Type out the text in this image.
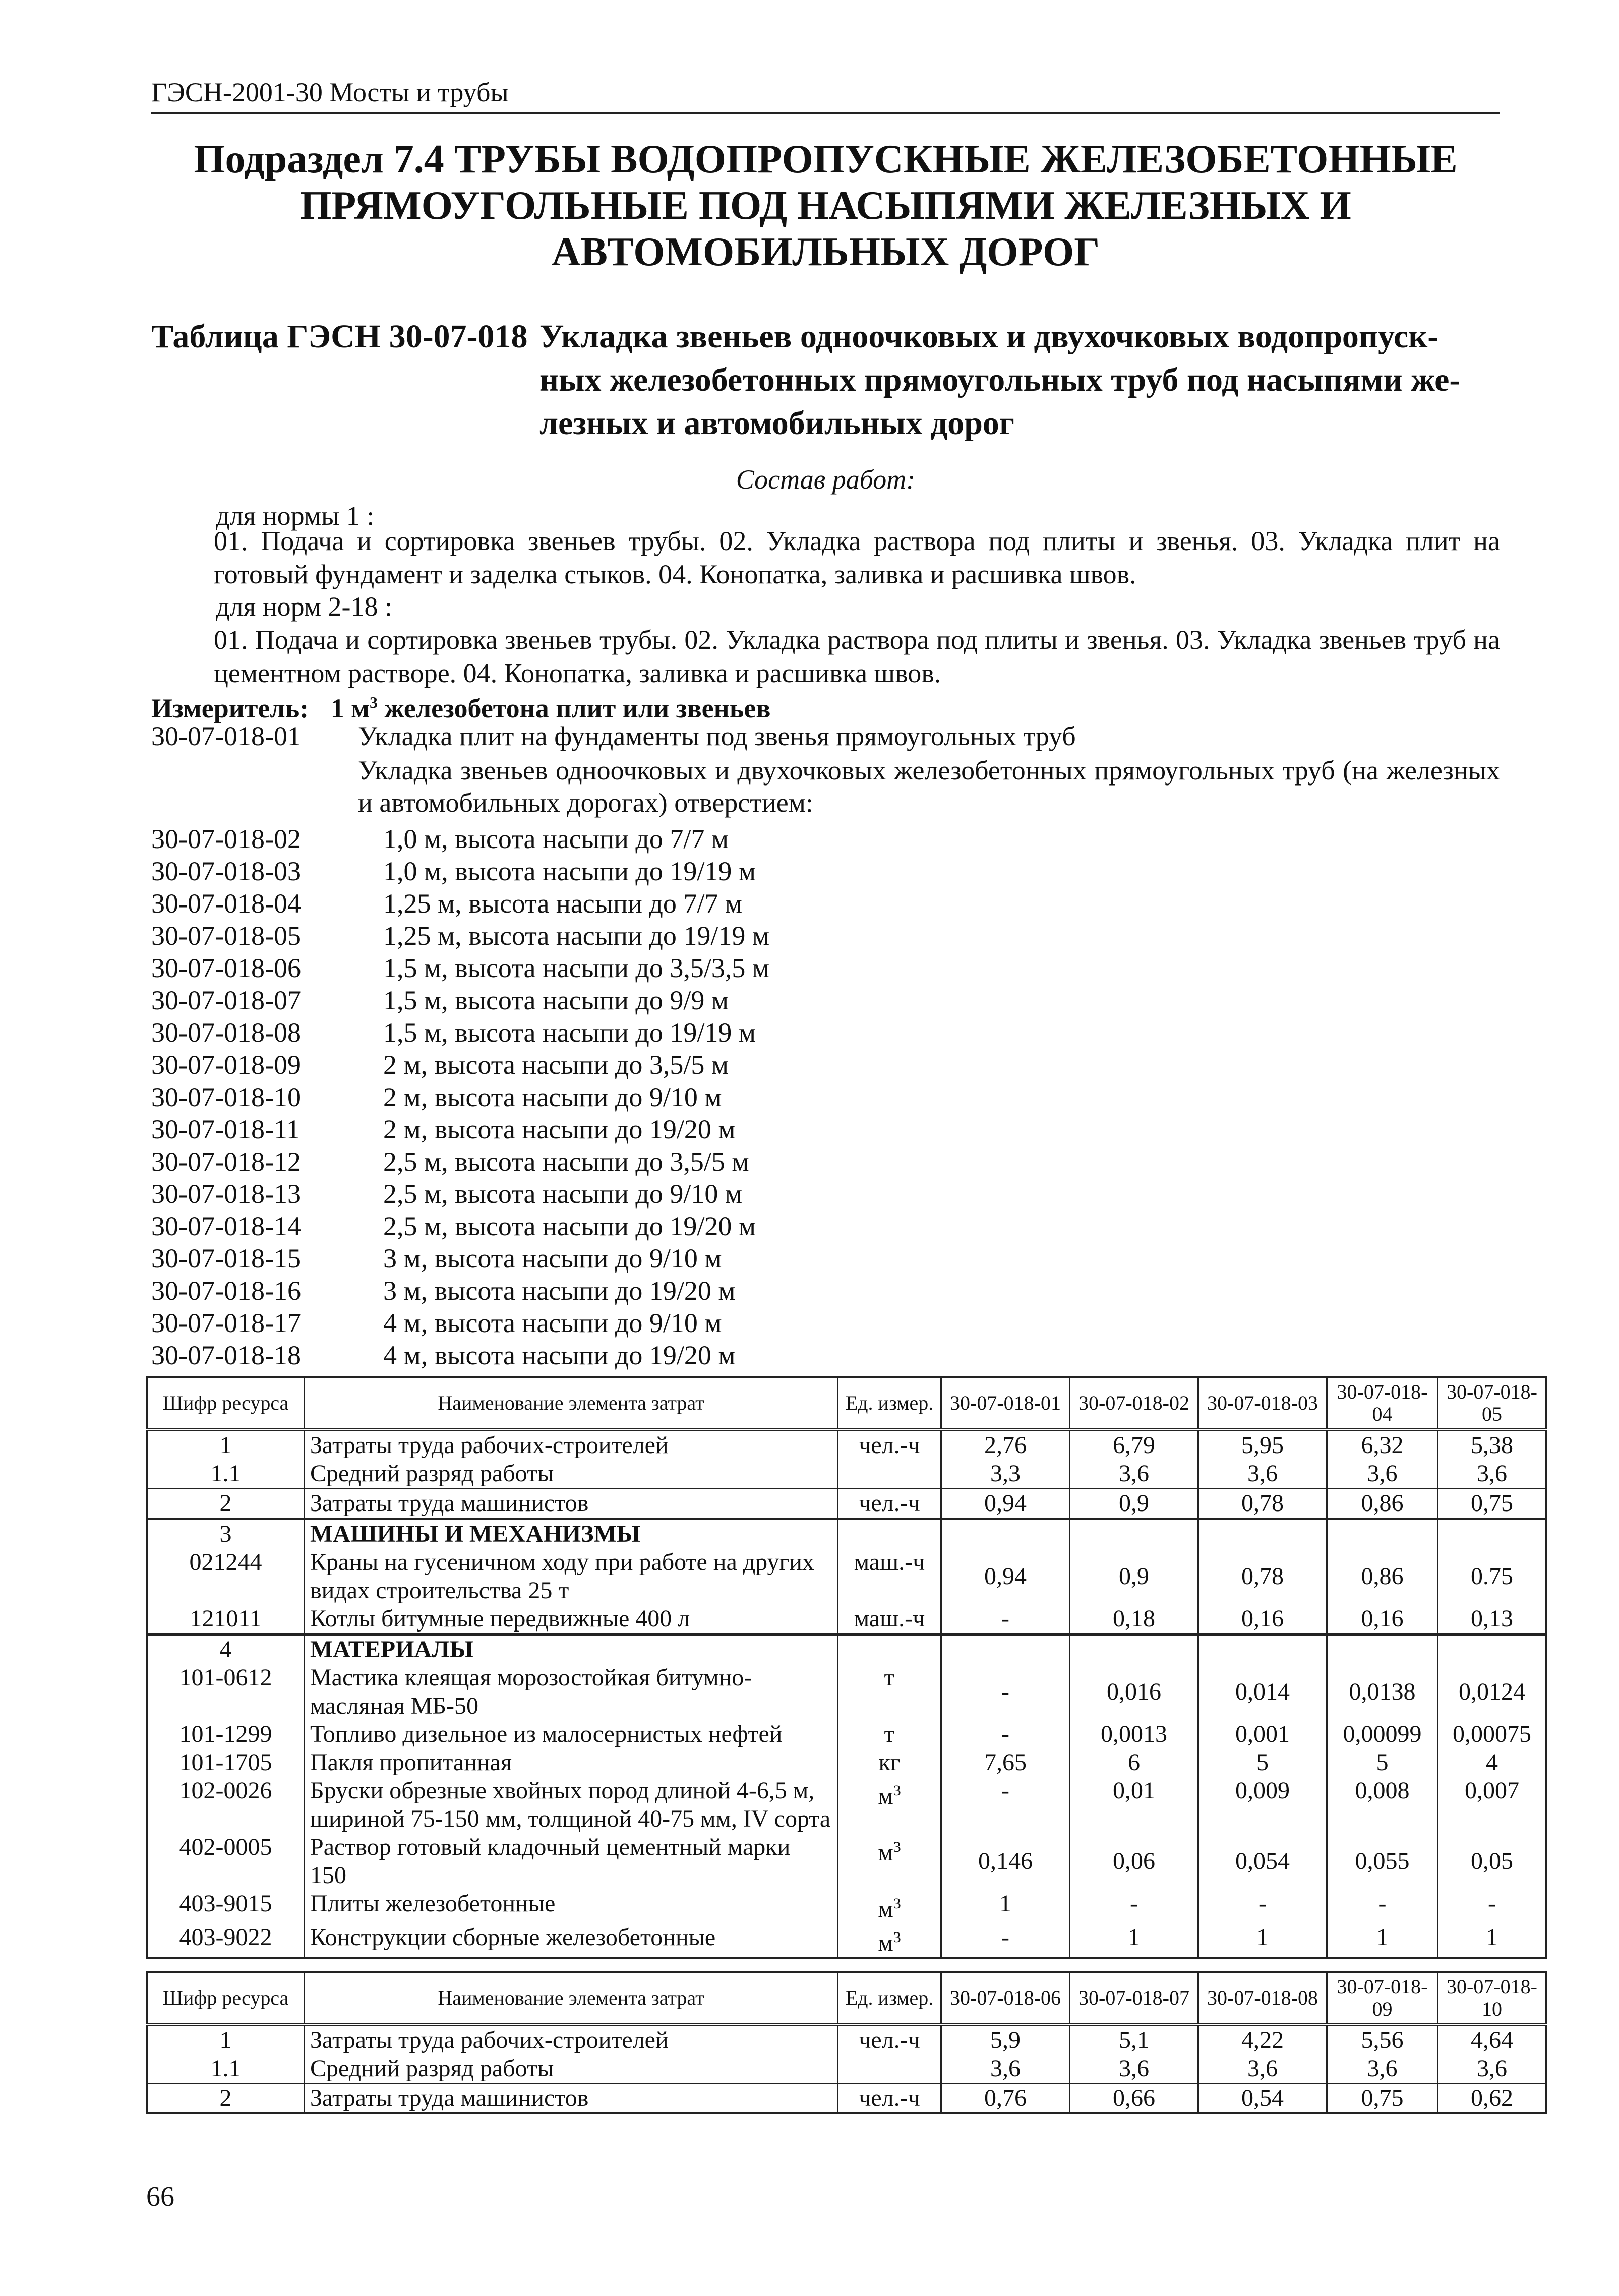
ГЭСН-2001-30 Мосты и трубы
Подраздел 7.4 ТРУБЫ ВОДОПРОПУСКНЫЕ ЖЕЛЕЗОБЕТОННЫЕ
ПРЯМОУГОЛЬНЫЕ ПОД НАСЫПЯМИ ЖЕЛЕЗНЫХ И
АВТОМОБИЛЬНЫХ ДОРОГ
Таблица ГЭСН 30-07-018 Укладка звеньев одноочковых и двухочковых водопропуск-
ных железобетонных прямоугольных труб под насыпями же-
лезных и автомобильных дорог
Состав работ:
для нормы 1 :
01. Подача и сортировка звеньев трубы. 02. Укладка раствора под плиты и звенья. 03. Укладка плит на готовый фундамент и заделка стыков. 04. Конопатка, заливка и расшивка швов.
для норм 2-18 :
01. Подача и сортировка звеньев трубы. 02. Укладка раствора под плиты и звенья. 03. Укладка звеньев труб на цементном растворе. 04. Конопатка, заливка и расшивка швов.
Измеритель: 1 $м^3$ железобетона плит или звеньев
30-07-018-01 Укладка плит на фундаменты под звенья прямоугольных труб
Укладка звеньев одноочковых и двухочковых железобетонных прямоугольных труб (на железных и автомобильных дорогах) отверстием:
30-07-018-02	1,0 м, высота насыпи до 7/7 м
30-07-018-03	1,0 м, высота насыпи до 19/19 м
30-07-018-04	1,25 м, высота насыпи до 7/7 м
30-07-018-05	1,25 м, высота насыпи до 19/19 м
30-07-018-06	1,5 м, высота насыпи до 3,5/3,5 м
30-07-018-07	1,5 м, высота насыпи до 9/9 м
30-07-018-08	1,5 м, высота насыпи до 19/19 м
30-07-018-09	2 м, высота насыпи до 3,5/5 м
30-07-018-10	2 м, высота насыпи до 9/10 м
30-07-018-11	2 м, высота насыпи до 19/20 м
30-07-018-12	2,5 м, высота насыпи до 3,5/5 м
30-07-018-13	2,5 м, высота насыпи до 9/10 м
30-07-018-14	2,5 м, высота насыпи до 19/20 м
30-07-018-15	3 м, высота насыпи до 9/10 м
30-07-018-16	3 м, высота насыпи до 19/20 м
30-07-018-17	4 м, высота насыпи до 9/10 м
30-07-018-18	4 м, высота насыпи до 19/20 м
Шифр ресурса	Наименование элемента затрат	Ед. измер.	30-07-018-01	30-07-018-02	30-07-018-03	30-07-018-04	30-07-018-05
1	Затраты труда рабочих-строителей	чел.-ч	2,76	6,79	5,95	6,32	5,38
1.1	Средний разряд работы		3,3	3,6	3,6	3,6	3,6
2	Затраты труда машинистов	чел.-ч	0,94	0,9	0,78	0,86	0,75
3	МАШИНЫ И МЕХАНИЗМЫ						
021244	Краны на гусеничном ходу при работе на других видах строительства 25 т	маш.-ч	0,94	0,9	0,78	0,86	0.75
121011	Котлы битумные передвижные 400 л	маш.-ч	-	0,18	0,16	0,16	0,13
4	МАТЕРИАЛЫ						
101-0612	Мастика клеящая морозостойкая битумно-масляная МБ-50	т	-	0,016	0,014	0,0138	0,0124
101-1299	Топливо дизельное из малосернистых нефтей	т	-	0,0013	0,001	0,00099	0,00075
101-1705	Пакля пропитанная	кг	7,65	6	5	5	4
102-0026	Бруски обрезные хвойных пород длиной 4-6,5 м, шириной 75-150 мм, толщиной 40-75 мм, IV сорта	$м^3$	-	0,01	0,009	0,008	0,007
402-0005	Раствор готовый кладочный цементный марки 150	$м^3$	0,146	0,06	0,054	0,055	0,05
403-9015	Плиты железобетонные	$м^3$	1	-	-	-	-
403-9022	Конструкции сборные железобетонные	$м^3$	-	1	1	1	1
Шифр ресурса	Наименование элемента затрат	Ед. измер.	30-07-018-06	30-07-018-07	30-07-018-08	30-07-018-09	30-07-018-10
1	Затраты труда рабочих-строителей	чел.-ч	5,9	5,1	4,22	5,56	4,64
1.1	Средний разряд работы		3,6	3,6	3,6	3,6	3,6
2	Затраты труда машинистов	чел.-ч	0,76	0,66	0,54	0,75	0,62
66
